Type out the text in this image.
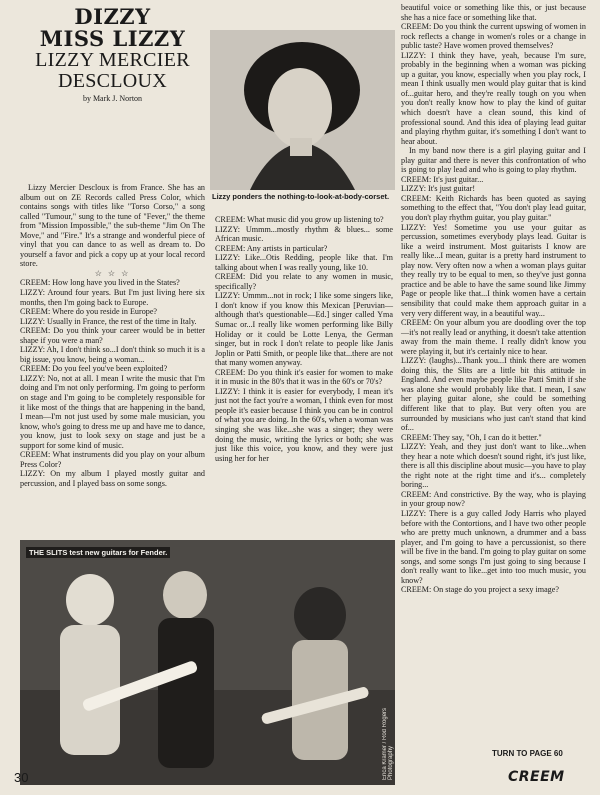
DIZZY
MISS LIZZY
LIZZY MERCIER
DESCLOUX
by Mark J. Norton
Lizzy ponders the nothing-to-look-at-body-corset.

Lizzy Mercier Descloux is from France. She has an album out on ZE Records called Press Color, which contains songs with titles like "Torso Corso," a song called "Tumour," sung to the tune of "Fever," the theme from "Mission Impossible," the sub-theme "Jim On The Move," and "Fire." It's a strange and wonderful piece of vinyl that you can dance to as well as dream to. Do yourself a favor and pick a copy up at your local record store.

☆ ☆ ☆

CREEM: How long have you lived in the States?

LIZZY: Around four years. But I'm just living here six months, then I'm going back to Europe.

CREEM: Where do you reside in Europe?

LIZZY: Usually in France, the rest of the time in Italy.

CREEM: Do you think your career would be in better shape if you were a man?

LIZZY: Ah, I don't think so...I don't think so much it is a big issue, you know, being a woman...

CREEM: Do you feel you've been exploited?

LIZZY: No, not at all. I mean I write the music that I'm doing and I'm not only performing. I'm going to perform on stage and I'm going to be completely responsible for it like most of the things that are happening in the band, I mean—I'm not just used by some male musician, you know, who's going to dress me up and have me to dance, you know, just to look sexy on stage and just be a support for some kind of music.

CREEM: What instruments did you play on your album Press Color?

LIZZY: On my album I played mostly guitar and percussion, and I played bass on some songs.

CREEM: What music did you grow up listening to?

LIZZY: Ummm...mostly rhythm & blues... some African music.

CREEM: Any artists in particular?

LIZZY: Like...Otis Redding, people like that. I'm talking about when I was really young, like 10.

CREEM: Did you relate to any women in music, specifically?

LIZZY: Ummm...not in rock; I like some singers like, I don't know if you know this Mexican [Peruvian—although that's questionable—Ed.] singer called Yma Sumac or...I really like women performing like Billy Holiday or it could be Lotte Lenya, the German singer, but in rock I don't relate to people like Janis Joplin or Patti Smith, or people like that...there are not that many women anyway.

CREEM: Do you think it's easier for women to make it in music in the 80's that it was in the 60's or 70's?

LIZZY: I think it is easier for everybody, I mean it's just not the fact you're a woman, I think even for most people it's easier because I think you can be in control of what you are doing. In the 60's, when a woman was singing she was like...she was a singer; they were doing the music, writing the lyrics or both; she was just like this voice, you know, and they were just using her for her

beautiful voice or something like this, or just because she has a nice face or something like that.

CREEM: Do you think the current upswing of women in rock reflects a change in women's roles or a change in public taste? Have women proved themselves?

LIZZY: I think they have, yeah, because I'm sure, probably in the beginning when a woman was picking up a guitar, you know, especially when you play rock, I mean I think usually men would play guitar that is kind of...guitar hero, and they're really tough on you when you don't really know how to play the kind of guitar which doesn't have a clean sound, this kind of professional sound. And this idea of playing lead guitar and playing rhythm guitar, it's something I don't want to hear about.

In my band now there is a girl playing guitar and I play guitar and there is never this confrontation of who is going to play lead and who is going to play rhythm.

CREEM: It's just guitar...

LIZZY: It's just guitar!

CREEM: Keith Richards has been quoted as saying something to the effect that, "You don't play lead guitar, you don't play rhythm guitar, you play guitar."

LIZZY: Yes! Sometime you use your guitar as percussion, sometimes everybody plays lead. Guitar is like a weird instrument. Most guitarists I know are really like...I mean, guitar is a pretty hard instrument to play now. Very often now a when a woman plays guitar they really try to be equal to men, so they've just gonna practice and be able to have the same sound like Jimmy Page or people like that...I think women have a certain sensibility that could make them approach guitar in a very very different way, in a beautiful way...

CREEM: On your album you are doodling over the top—it's not really lead or anything, it doesn't take attention away from the main theme. I really didn't know you were playing it, but it's certainly nice to hear.

LIZZY: (laughs)...Thank you...I think there are women doing this, the Slits are a little bit this attitude in England. And even maybe people like Patti Smith if she was alone she would probably like that. I mean, I saw her playing guitar alone, she could be something different like that to play. But very often you are surrounded by musicians who just can't stand that kind of...

CREEM: They say, "Oh, I can do it better."

LIZZY: Yeah, and they just don't want to like...when they hear a note which doesn't sound right, it's just like, there is all this discipline about music—you have to play the right note at the right time and it's... completely boring...

CREEM: And constrictive. By the way, who is playing in your group now?

LIZZY: There is a guy called Jody Harris who played before with the Contortions, and I have two other people who are pretty much unknown, a drummer and a bass player, and I'm going to have a percussionist, so there will be five in the band. I'm going to play guitar on some songs, and some songs I'm just going to sing because I don't really want to like...get into too much music, you know?

CREEM: On stage do you project a sexy image?

THE SLITS test new guitars for Fender.
Erica Kramer / Rod Rogers Photography	TURN TO PAGE 60
30	CREEM
